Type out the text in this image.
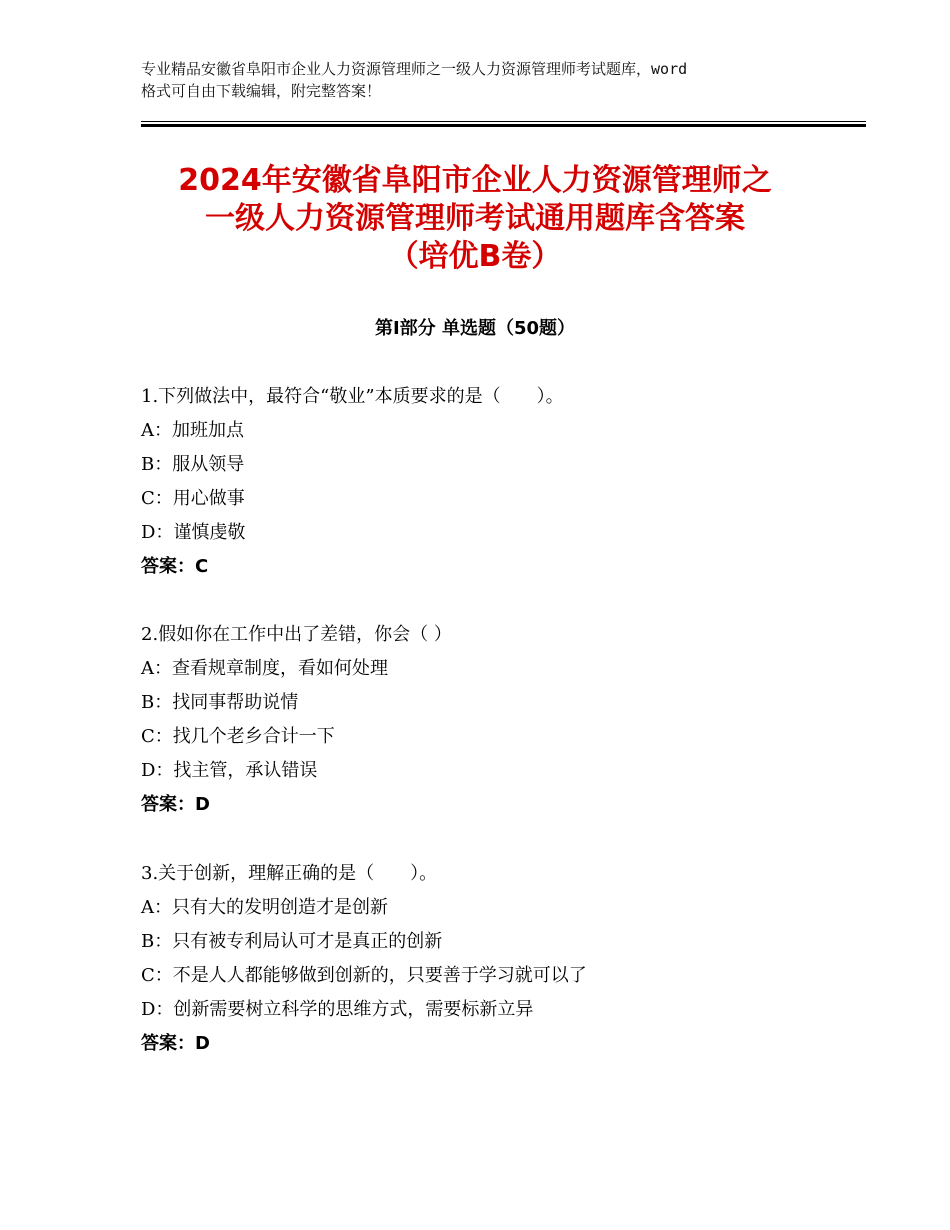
专业精品安徽省阜阳市企业人力资源管理师之一级人力资源管理师考试题库，word
格式可自由下载编辑，附完整答案！
2024年安徽省阜阳市企业人力资源管理师之
一级人力资源管理师考试通用题库含答案
（培优B卷）
第Ⅰ部分 单选题（50题）
1.下列做法中，最符合“敬业”本质要求的是（　　）。
A：加班加点
B：服从领导
C：用心做事
D：谨慎虔敬
答案：C
2.假如你在工作中出了差错，你会（ ）
A：查看规章制度，看如何处理
B：找同事帮助说情
C：找几个老乡合计一下
D：找主管，承认错误
答案：D
3.关于创新，理解正确的是（　　）。
A：只有大的发明创造才是创新
B：只有被专利局认可才是真正的创新
C：不是人人都能够做到创新的，只要善于学习就可以了
D：创新需要树立科学的思维方式，需要标新立异
答案：D
